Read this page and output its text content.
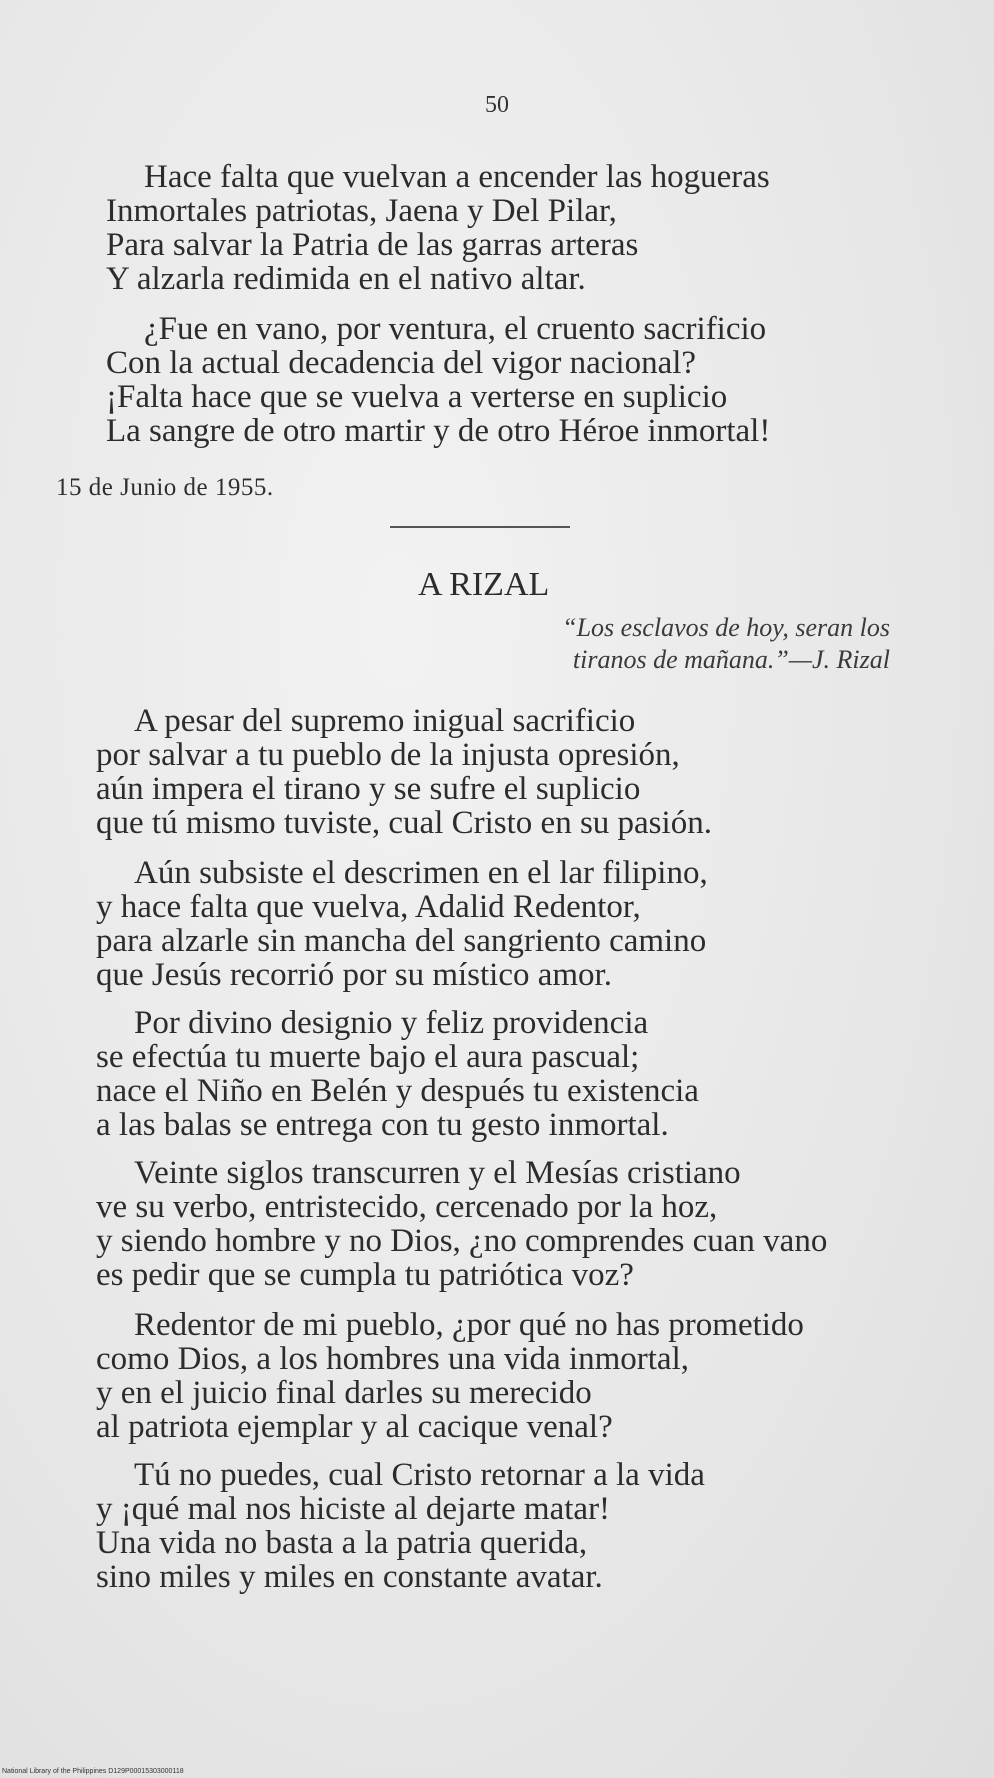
50
Hace falta que vuelvan a encender las hogueras
Inmortales patriotas, Jaena y Del Pilar,
Para salvar la Patria de las garras arteras
Y alzarla redimida en el nativo altar.
¿Fue en vano, por ventura, el cruento sacrificio
Con la actual decadencia del vigor nacional?
¡Falta hace que se vuelva a verterse en suplicio
La sangre de otro martir y de otro Héroe inmortal!
15 de Junio de 1955.
A RIZAL
“Los esclavos de hoy, seran los
tiranos de mañana.”—J. Rizal
A pesar del supremo inigual sacrificio
por salvar a tu pueblo de la injusta opresión,
aún impera el tirano y se sufre el suplicio
que tú mismo tuviste, cual Cristo en su pasión.
Aún subsiste el descrimen en el lar filipino,
y hace falta que vuelva, Adalid Redentor,
para alzarle sin mancha del sangriento camino
que Jesús recorrió por su místico amor.
Por divino designio y feliz providencia
se efectúa tu muerte bajo el aura pascual;
nace el Niño en Belén y después tu existencia
a las balas se entrega con tu gesto inmortal.
Veinte siglos transcurren y el Mesías cristiano
ve su verbo, entristecido, cercenado por la hoz,
y siendo hombre y no Dios, ¿no comprendes cuan vano
es pedir que se cumpla tu patriótica voz?
Redentor de mi pueblo, ¿por qué no has prometido
como Dios, a los hombres una vida inmortal,
y en el juicio final darles su merecido
al patriota ejemplar y al cacique venal?
Tú no puedes, cual Cristo retornar a la vida
y ¡qué mal nos hiciste al dejarte matar!
Una vida no basta a la patria querida,
sino miles y miles en constante avatar.
National Library of the Philippines D129P00015303000118
